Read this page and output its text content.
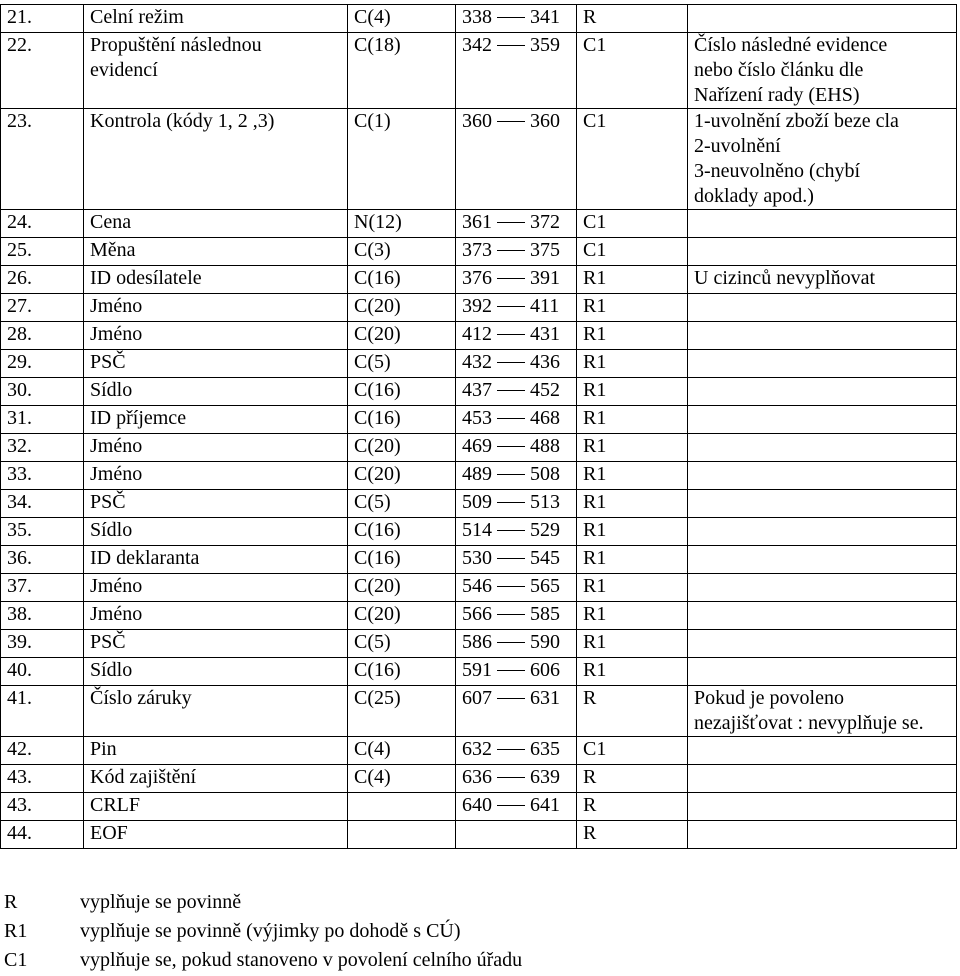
21.	Celní režim	C(4)	338 341	R	
22.	Propuštění následnou
evidencí	C(18)	342 359	C1	Číslo následné evidence
nebo číslo článku dle
Nařízení rady (EHS)
23.	Kontrola (kódy 1, 2 ,3)	C(1)	360 360	C1	1-uvolnění zboží beze cla
2-uvolnění
3-neuvolněno (chybí
doklady apod.)
24.	Cena	N(12)	361 372	C1	
25.	Měna	C(3)	373 375	C1	
26.	ID odesílatele	C(16)	376 391	R1	U cizinců nevyplňovat
27.	Jméno	C(20)	392 411	R1	
28.	Jméno	C(20)	412 431	R1	
29.	PSČ	C(5)	432 436	R1	
30.	Sídlo	C(16)	437 452	R1	
31.	ID příjemce	C(16)	453 468	R1	
32.	Jméno	C(20)	469 488	R1	
33.	Jméno	C(20)	489 508	R1	
34.	PSČ	C(5)	509 513	R1	
35.	Sídlo	C(16)	514 529	R1	
36.	ID deklaranta	C(16)	530 545	R1	
37.	Jméno	C(20)	546 565	R1	
38.	Jméno	C(20)	566 585	R1	
39.	PSČ	C(5)	586 590	R1	
40.	Sídlo	C(16)	591 606	R1	
41.	Číslo záruky	C(25)	607 631	R	Pokud je povoleno
nezajišťovat : nevyplňuje se.
42.	Pin	C(4)	632 635	C1	
43.	Kód zajištění	C(4)	636 639	R	
43.	CRLF		640 641	R	
44.	EOF			R	
R	vyplňuje se povinně
R1	vyplňuje se povinně (výjimky po dohodě s CÚ)
C1	vyplňuje se, pokud stanoveno v povolení celního úřadu
